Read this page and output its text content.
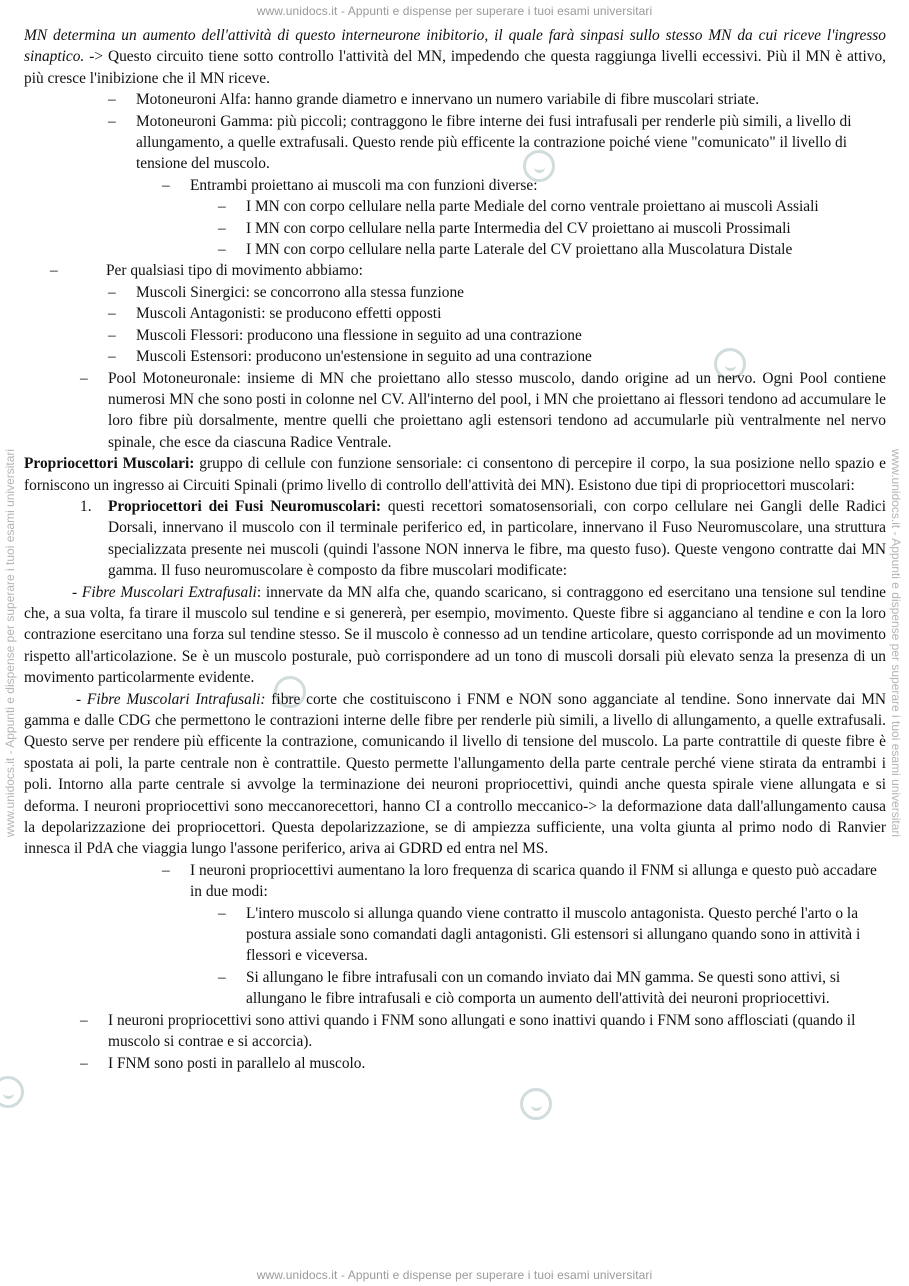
www.unidocs.it - Appunti e dispense per superare i tuoi esami universitari
www.unidocs.it - Appunti e dispense per superare i tuoi esami universitari
www.unidocs.it - Appunti e dispense per superare i tuoi esami universitari	www.unidocs.it - Appunti e dispense per superare i tuoi esami universitari

MN determina un aumento dell'attività di questo interneurone inibitorio, il quale farà sinpasi sullo stesso MN da cui riceve l'ingresso sinaptico. -> Questo circuito tiene sotto controllo l'attività del MN, impedendo che questa raggiunga livelli eccessivi. Più il MN è attivo, più cresce l'inibizione che il MN riceve.

–	Motoneuroni Alfa: hanno grande diametro e innervano un numero variabile di fibre muscolari striate.
–	Motoneuroni Gamma: più piccoli; contraggono le fibre interne dei fusi intrafusali per renderle più simili, a livello di allungamento, a quelle extrafusali. Questo rende più efficente la contrazione poiché viene "comunicato" il livello di tensione del muscolo.
–	Entrambi proiettano ai muscoli ma con funzioni diverse:
–	I MN con corpo cellulare nella parte Mediale del corno ventrale proiettano ai muscoli Assiali
–	I MN con corpo cellulare nella parte Intermedia del CV proiettano ai muscoli Prossimali
–	I MN con corpo cellulare nella parte Laterale del CV proiettano alla Muscolatura Distale
–	Per qualsiasi tipo di movimento abbiamo:
–	Muscoli Sinergici: se concorrono alla stessa funzione
–	Muscoli Antagonisti: se producono effetti opposti
–	Muscoli Flessori: producono una flessione in seguito ad una contrazione
–	Muscoli Estensori: producono un'estensione in seguito ad una contrazione
–	Pool Motoneuronale: insieme di MN che proiettano allo stesso muscolo, dando origine ad un nervo. Ogni Pool contiene numerosi MN che sono posti in colonne nel CV. All'interno del pool, i MN che proiettano ai flessori tendono ad accumulare le loro fibre più dorsalmente, mentre quelli che proiettano agli estensori tendono ad accumularle più ventralmente nel nervo spinale, che esce da ciascuna Radice Ventrale.

Propriocettori Muscolari: gruppo di cellule con funzione sensoriale: ci consentono di percepire il corpo, la sua posizione nello spazio e forniscono un ingresso ai Circuiti Spinali (primo livello di controllo dell'attività dei MN). Esistono due tipi di propriocettori muscolari:

1.	Propriocettori dei Fusi Neuromuscolari: questi recettori somatosensoriali, con corpo cellulare nei Gangli delle Radici Dorsali, innervano il muscolo con il terminale periferico ed, in particolare, innervano il Fuso Neuromuscolare, una struttura specializzata presente nei muscoli (quindi l'assone NON innerva le fibre, ma questo fuso). Queste vengono contratte dai MN gamma. Il fuso neuromuscolare è composto da fibre muscolari modificate:

- Fibre Muscolari Extrafusali: innervate da MN alfa che, quando scaricano, si contraggono ed esercitano una tensione sul tendine che, a sua volta, fa tirare il muscolo sul tendine e si genererà, per esempio, movimento. Queste fibre si agganciano al tendine e con la loro contrazione esercitano una forza sul tendine stesso. Se il muscolo è connesso ad un tendine articolare, questo corrisponde ad un movimento rispetto all'articolazione. Se è un muscolo posturale, può corrispondere ad un tono di muscoli dorsali più elevato senza la presenza di un movimento particolarmente evidente.

- Fibre Muscolari Intrafusali: fibre corte che costituiscono i FNM e NON sono agganciate al tendine. Sono innervate dai MN gamma e dalle CDG che permettono le contrazioni interne delle fibre per renderle più simili, a livello di allungamento, a quelle extrafusali. Questo serve per rendere più efficente la contrazione, comunicando il livello di tensione del muscolo. La parte contrattile di queste fibre è spostata ai poli, la parte centrale non è contrattile. Questo permette l'allungamento della parte centrale perché viene stirata da entrambi i poli. Intorno alla parte centrale si avvolge la terminazione dei neuroni propriocettivi, quindi anche questa spirale viene allungata e si deforma. I neuroni propriocettivi sono meccanorecettori, hanno CI a controllo meccanico-> la deformazione data dall'allungamento causa la depolarizzazione dei propriocettori. Questa depolarizzazione, se di ampiezza sufficiente, una volta giunta al primo nodo di Ranvier innesca il PdA che viaggia lungo l'assone periferico, ariva ai GDRD ed entra nel MS.

–	I neuroni propriocettivi aumentano la loro frequenza di scarica quando il FNM si allunga e questo può accadare in due modi:
–	L'intero muscolo si allunga quando viene contratto il muscolo antagonista. Questo perché l'arto o la postura assiale sono comandati dagli antagonisti. Gli estensori si allungano quando sono in attività i flessori e viceversa.
–	Si allungano le fibre intrafusali con un comando inviato dai MN gamma. Se questi sono attivi, si allungano le fibre intrafusali e ciò comporta un aumento dell'attività dei neuroni propriocettivi.
–	I neuroni propriocettivi sono attivi quando i FNM sono allungati e sono inattivi quando i FNM sono afflosciati (quando il muscolo si contrae e si accorcia).
–	I FNM sono posti in parallelo al muscolo.
